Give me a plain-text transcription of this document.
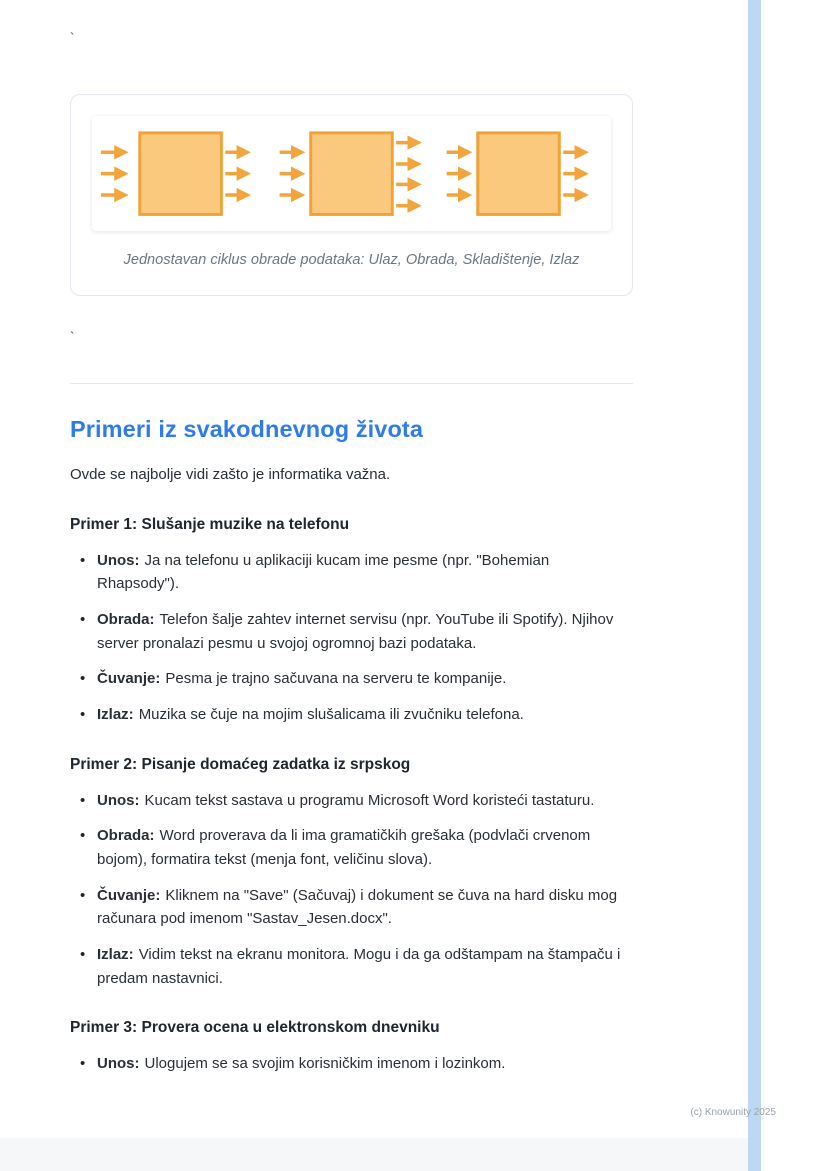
`
Jednostavan ciklus obrade podataka: Ulaz, Obrada, Skladištenje, Izlaz
`
Primeri iz svakodnevnog života

Ovde se najbolje vidi zašto je informatika važna.

Primer 1: Slušanje muzike na telefonu
• Unos: Ja na telefonu u aplikaciji kucam ime pesme (npr. "Bohemian Rhapsody").
• Obrada: Telefon šalje zahtev internet servisu (npr. YouTube ili Spotify). Njihov server pronalazi pesmu u svojoj ogromnoj bazi podataka.
• Čuvanje: Pesma je trajno sačuvana na serveru te kompanije.
• Izlaz: Muzika se čuje na mojim slušalicama ili zvučniku telefona.
Primer 2: Pisanje domaćeg zadatka iz srpskog
• Unos: Kucam tekst sastava u programu Microsoft Word koristeći tastaturu.
• Obrada: Word proverava da li ima gramatičkih grešaka (podvlači crvenom bojom), formatira tekst (menja font, veličinu slova).
• Čuvanje: Kliknem na "Save" (Sačuvaj) i dokument se čuva na hard disku mog računara pod imenom "Sastav_Jesen.docx".
• Izlaz: Vidim tekst na ekranu monitora. Mogu i da ga odštampam na štampaču i predam nastavnici.
Primer 3: Provera ocena u elektronskom dnevniku
• Unos: Ulogujem se sa svojim korisničkim imenom i lozinkom.
(c) Knowunity 2025
